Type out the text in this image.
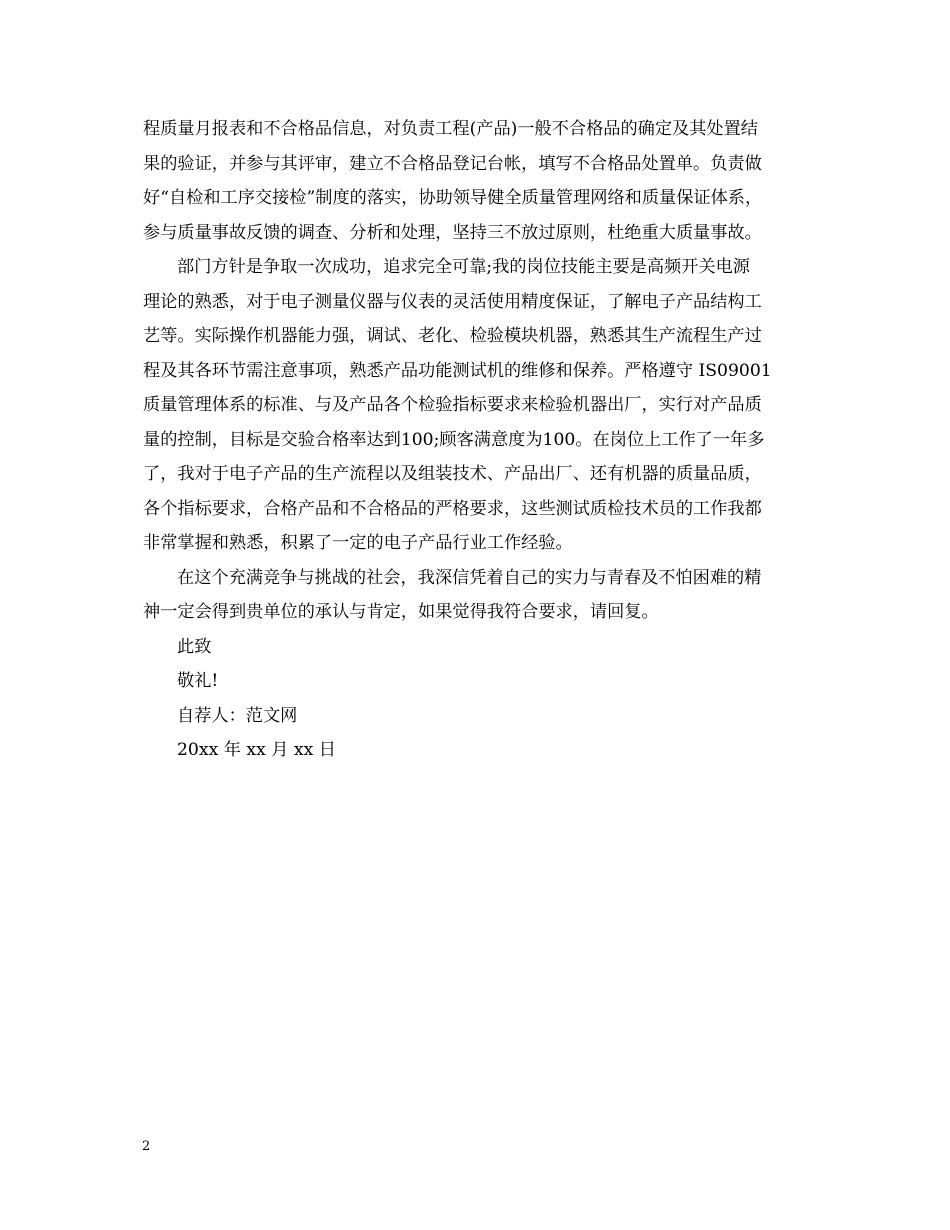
程质量月报表和不合格品信息，对负责工程(产品)一般不合格品的确定及其处置结
果的验证，并参与其评审，建立不合格品登记台帐，填写不合格品处置单。负责做
好“自检和工序交接检”制度的落实，协助领导健全质量管理网络和质量保证体系，
参与质量事故反馈的调查、分析和处理，坚持三不放过原则，杜绝重大质量事故。
部门方针是争取一次成功，追求完全可靠;我的岗位技能主要是高频开关电源
理论的熟悉，对于电子测量仪器与仪表的灵活使用精度保证，了解电子产品结构工
艺等。实际操作机器能力强，调试、老化、检验模块机器，熟悉其生产流程生产过
程及其各环节需注意事项，熟悉产品功能测试机的维修和保养。严格遵守 IS09001
质量管理体系的标准、与及产品各个检验指标要求来检验机器出厂，实行对产品质
量的控制，目标是交验合格率达到100;顾客满意度为100。在岗位上工作了一年多
了，我对于电子产品的生产流程以及组装技术、产品出厂、还有机器的质量品质，
各个指标要求，合格产品和不合格品的严格要求，这些测试质检技术员的工作我都
非常掌握和熟悉，积累了一定的电子产品行业工作经验。
在这个充满竞争与挑战的社会，我深信凭着自己的实力与青春及不怕困难的精
神一定会得到贵单位的承认与肯定，如果觉得我符合要求，请回复。
此致
敬礼!
自荐人：范文网
20xx 年 xx 月 xx 日
2
